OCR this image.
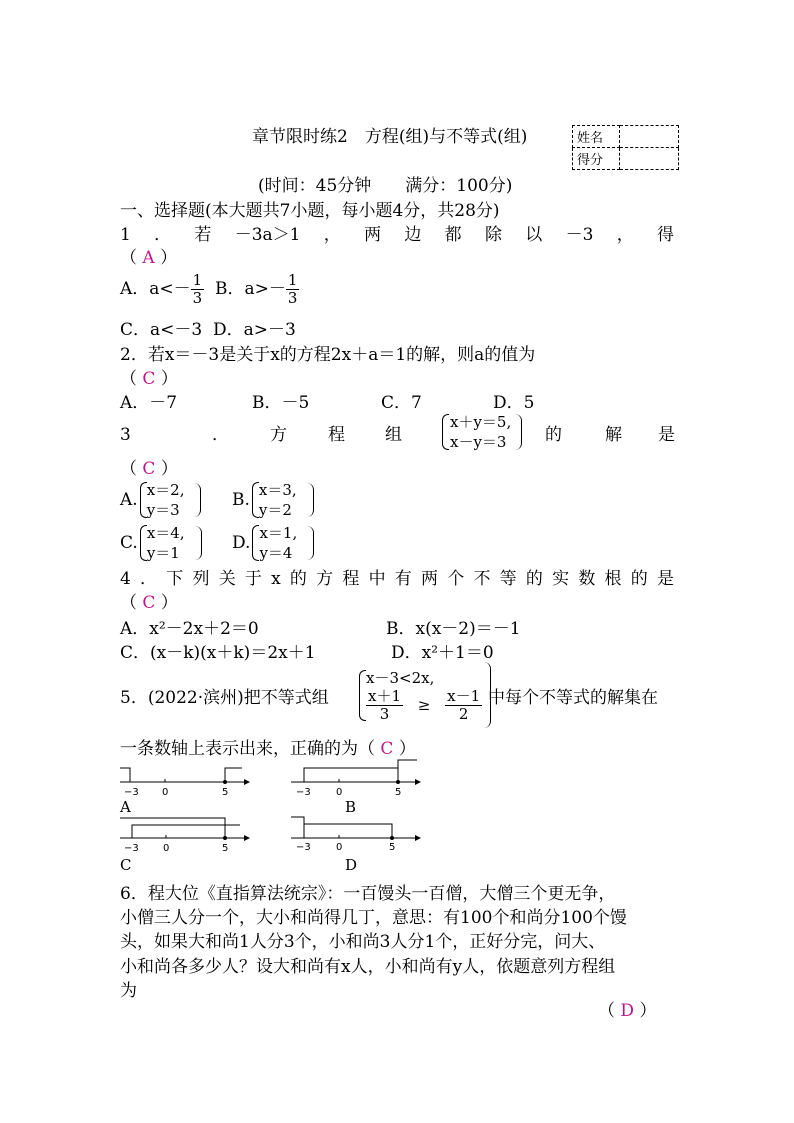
章节限时练2　方程(组)与不等式(组)	姓名	
得分	
(时间：45分钟　　满分：100分)
一、选择题(本大题共7小题，每小题4分，共28分)
1．若－3a＞1，两边都除以－3，得
（ A ）
A．$a<- \frac{1}{3}$ B．$a>- \frac{1}{3}$
C．a<－3 D．a>－3
2．若x＝－3是关于x的方程2x＋a＝1的解，则a的值为
（ C ）
A．－7	B．－5	C．7	D．5
3	． 方 程 组
x＋y＝5,
x－y＝3 的	解 是
（ C ）
A. x＝2,
y＝3	B. x＝3,
y＝2
C. x＝4,
y＝1	D. x＝1,
y＝4
4．下列关于x的方程中有两个不等的实数根的是
（ C ）
A．x²－2x＋2＝0	B．x(x－2)＝－1
C．(x－k)(x＋k)＝2x＋1	D．x²＋1＝0
5．(2022·滨州)把不等式组
x－3<2x,
$\frac{x+1}{3} \ge \frac{x-1}{2}$ 中每个不等式的解集在
一条数轴上表示出来，正确的为（ C ）
−3 0	5
A
−3	0	5
B
−3 0	5
C
−3	0	5
D
6．程大位《直指算法统宗》：一百馒头一百僧，大僧三个更无争，
小僧三人分一个，大小和尚得几丁，意思：有100个和尚分100个馒
头，如果大和尚1人分3个，小和尚3人分1个，正好分完，问大、
小和尚各多少人？设大和尚有x人，小和尚有y人，依题意列方程组
为
（ D ）
